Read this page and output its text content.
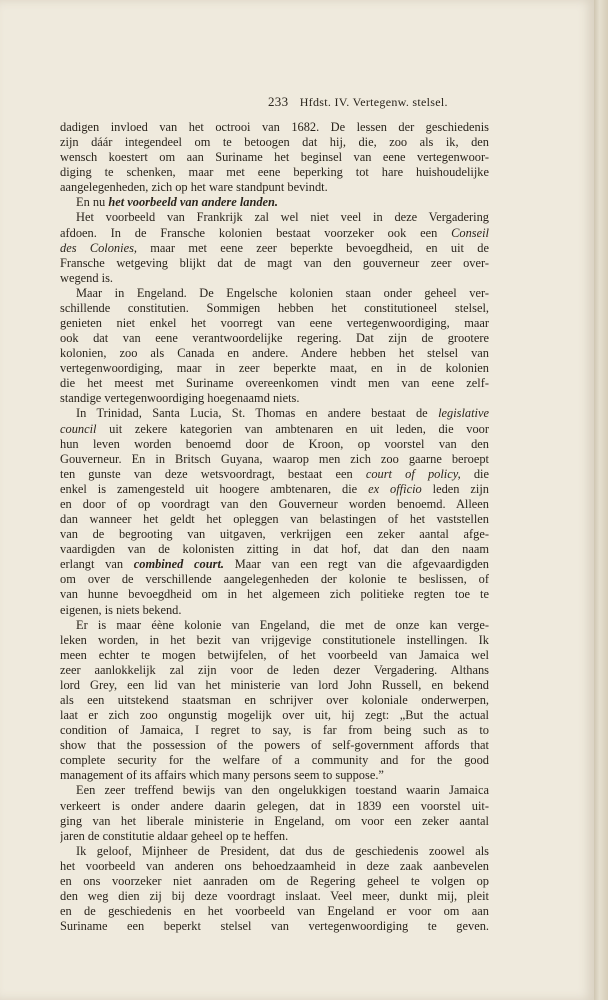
233 Hfdst. IV. Vertegenw. stelsel.
dadigen invloed van het octrooi van 1682. De lessen der geschiedenis
zijn dáár integendeel om te betoogen dat hij, die, zoo als ik, den
wensch koestert om aan Suriname het beginsel van eene vertegenwoor-
diging te schenken, maar met eene beperking tot hare huishoudelijke
aangelegenheden, zich op het ware standpunt bevindt.
En nu het voorbeeld van andere landen.
Het voorbeeld van Frankrijk zal wel niet veel in deze Vergadering
afdoen. In de Fransche kolonien bestaat voorzeker ook een Conseil
des Colonies, maar met eene zeer beperkte bevoegdheid, en uit de
Fransche wetgeving blijkt dat de magt van den gouverneur zeer over-
wegend is.
Maar in Engeland. De Engelsche kolonien staan onder geheel ver-
schillende constitutien. Sommigen hebben het constitutioneel stelsel,
genieten niet enkel het voorregt van eene vertegenwoordiging, maar
ook dat van eene verantwoordelijke regering. Dat zijn de grootere
kolonien, zoo als Canada en andere. Andere hebben het stelsel van
vertegenwoordiging, maar in zeer beperkte maat, en in de kolonien
die het meest met Suriname overeenkomen vindt men van eene zelf-
standige vertegenwoordiging hoegenaamd niets.
In Trinidad, Santa Lucia, St. Thomas en andere bestaat de legislative
council uit zekere kategorien van ambtenaren en uit leden, die voor
hun leven worden benoemd door de Kroon, op voorstel van den
Gouverneur. En in Britsch Guyana, waarop men zich zoo gaarne beroept
ten gunste van deze wetsvoordragt, bestaat een court of policy, die
enkel is zamengesteld uit hoogere ambtenaren, die ex officio leden zijn
en door of op voordragt van den Gouverneur worden benoemd. Alleen
dan wanneer het geldt het opleggen van belastingen of het vaststellen
van de begrooting van uitgaven, verkrijgen een zeker aantal afge-
vaardigden van de kolonisten zitting in dat hof, dat dan den naam
erlangt van combined court. Maar van een regt van die afgevaardigden
om over de verschillende aangelegenheden der kolonie te beslissen, of
van hunne bevoegdheid om in het algemeen zich politieke regten toe te
eigenen, is niets bekend.
Er is maar éène kolonie van Engeland, die met de onze kan verge-
leken worden, in het bezit van vrijgevige constitutionele instellingen. Ik
meen echter te mogen betwijfelen, of het voorbeeld van Jamaica wel
zeer aanlokkelijk zal zijn voor de leden dezer Vergadering. Althans
lord Grey, een lid van het ministerie van lord John Russell, en bekend
als een uitstekend staatsman en schrijver over koloniale onderwerpen,
laat er zich zoo ongunstig mogelijk over uit, hij zegt: „But the actual
condition of Jamaica, I regret to say, is far from being such as to
show that the possession of the powers of self-government affords that
complete security for the welfare of a community and for the good
management of its affairs which many persons seem to suppose.”
Een zeer treffend bewijs van den ongelukkigen toestand waarin Jamaica
verkeert is onder andere daarin gelegen, dat in 1839 een voorstel uit-
ging van het liberale ministerie in Engeland, om voor een zeker aantal
jaren de constitutie aldaar geheel op te heffen.
Ik geloof, Mijnheer de President, dat dus de geschiedenis zoowel als
het voorbeeld van anderen ons behoedzaamheid in deze zaak aanbevelen
en ons voorzeker niet aanraden om de Regering geheel te volgen op
den weg dien zij bij deze voordragt inslaat. Veel meer, dunkt mij, pleit
en de geschiedenis en het voorbeeld van Engeland er voor om aan
Suriname een beperkt stelsel van vertegenwoordiging te geven.
